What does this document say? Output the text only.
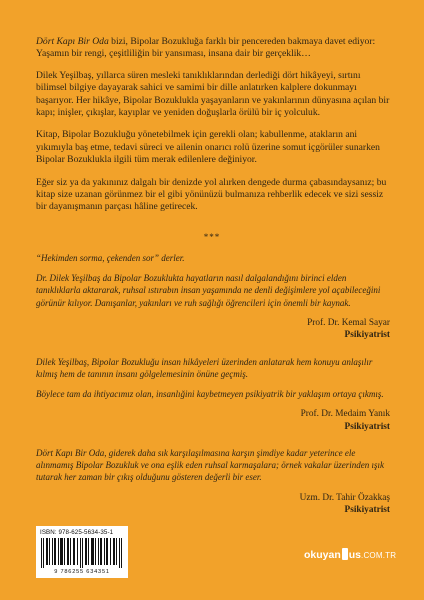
Dört Kapı Bir Oda bizi, Bipolar Bozukluğa farklı bir pencereden bakmaya davet ediyor: Yaşamın bir rengi, çeşitliliğin bir yansıması, insana dair bir gerçeklik…

Dilek Yeşilbaş, yıllarca süren mesleki tanıklıklarından derlediği dört hikâyeyi, sırtını bilimsel bilgiye dayayarak sahici ve samimi bir dille anlatırken kalplere dokunmayı başarıyor. Her hikâye, Bipolar Bozuklukla yaşayanların ve yakınlarının dünyasına açılan bir kapı; inişler, çıkışlar, kayıplar ve yeniden doğuşlarla örülü bir iç yolculuk.

Kitap, Bipolar Bozukluğu yönetebilmek için gerekli olan; kabullenme, atakların ani yıkımıyla baş etme, tedavi süreci ve ailenin onarıcı rolü üzerine somut içgörüler sunarken Bipolar Bozuklukla ilgili tüm merak edilenlere değiniyor.

Eğer siz ya da yakınınız dalgalı bir denizde yol alırken dengede durma çabasındaysanız; bu kitap size uzanan görünmez bir el gibi yönünüzü bulmanıza rehberlik edecek ve sizi sessiz bir dayanışmanın parçası hâline getirecek.

***

“Hekimden sorma, çekenden sor” derler.

Dr. Dilek Yeşilbaş da Bipolar Bozuklukta hayatların nasıl dalgalandığını birinci elden tanıklıklarla aktararak, ruhsal ıstırabın insan yaşamında ne denli değişimlere yol açabileceğini görünür kılıyor. Danışanlar, yakınları ve ruh sağlığı öğrencileri için önemli bir kaynak.

Prof. Dr. Kemal Sayar
Psikiyatrist

Dilek Yeşilbaş, Bipolar Bozukluğu insan hikâyeleri üzerinden anlatarak hem konuyu anlaşılır kılmış hem de tanının insanı gölgelemesinin önüne geçmiş.

Böylece tam da ihtiyacımız olan, insanlığini kaybetmeyen psikiyatrik bir yaklaşım ortaya çıkmış.

Prof. Dr. Medaim Yanık
Psikiyatrist

Dört Kapı Bir Oda, giderek daha sık karşılaşılmasına karşın şimdiye kadar yeterince ele alınmamış Bipolar Bozukluk ve ona eşlik eden ruhsal karmaşalara; örnek vakalar üzerinden ışık tutarak her zaman bir çıkış olduğunu gösteren değerli bir eser.

Uzm. Dr. Tahir Özakkaş
Psikiyatrist
ISBN: 978-625-5634-35-1
9 786255 634351
okuyan us.COM.TR
